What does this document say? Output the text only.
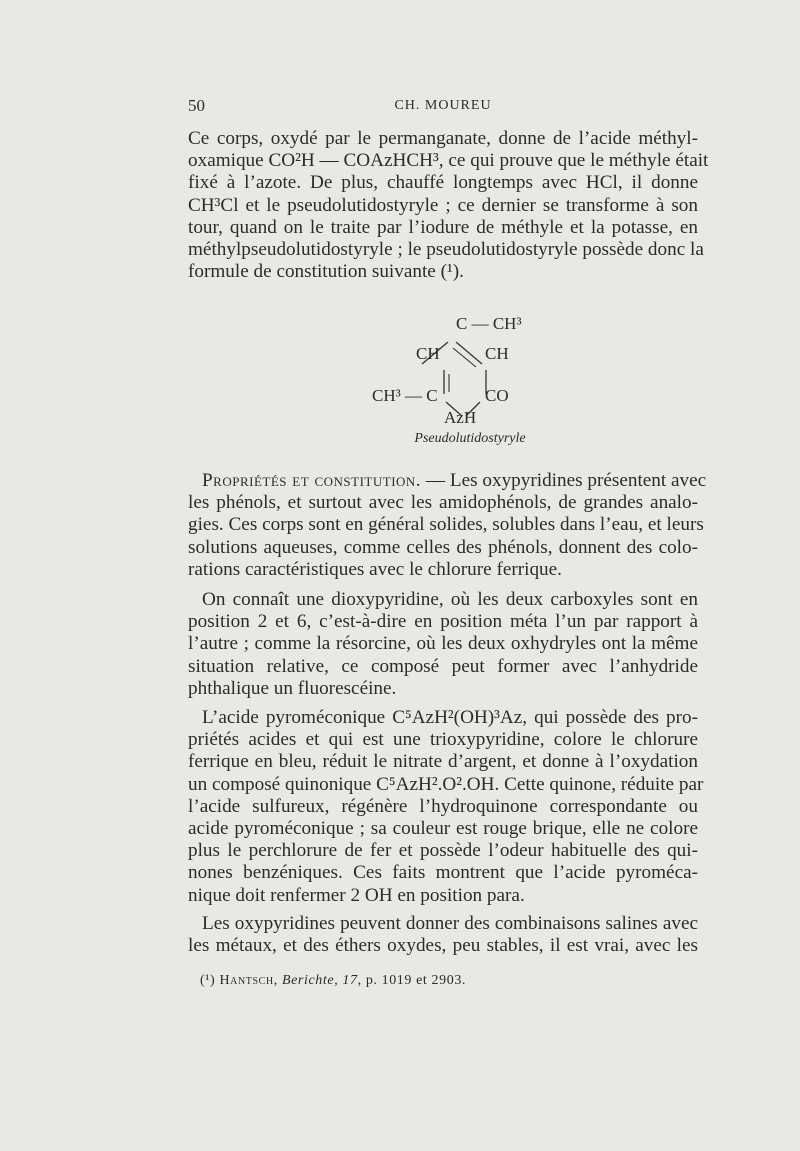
50	CH. MOUREU

Ce corps, oxydé par le permanganate, donne de l’acide méthyl-
oxamique CO²H — COAzHCH³, ce qui prouve que le méthyle était
fixé à l’azote. De plus, chauffé longtemps avec HCl, il donne
CH³Cl et le pseudolutidostyryle ; ce dernier se transforme à son
tour, quand on le traite par l’iodure de méthyle et la potasse, en
méthylpseudolutidostyryle ; le pseudolutidostyryle possède donc la
formule de constitution suivante (¹).

C — CH³
CH	CH
CH³ — C	CO
AzH
Pseudolutidostyryle

Propriétés et constitution. — Les oxypyridines présentent avec
les phénols, et surtout avec les amidophénols, de grandes analo-
gies. Ces corps sont en général solides, solubles dans l’eau, et leurs
solutions aqueuses, comme celles des phénols, donnent des colo-
rations caractéristiques avec le chlorure ferrique.

On connaît une dioxypyridine, où les deux carboxyles sont en
position 2 et 6, c’est-à-dire en position méta l’un par rapport à
l’autre ; comme la résorcine, où les deux oxhydryles ont la même
situation relative, ce composé peut former avec l’anhydride
phthalique un fluorescéine.

L’acide pyroméconique C⁵AzH²(OH)³Az, qui possède des pro-
priétés acides et qui est une trioxypyridine, colore le chlorure
ferrique en bleu, réduit le nitrate d’argent, et donne à l’oxydation
un composé quinonique C⁵AzH².O².OH. Cette quinone, réduite par
l’acide sulfureux, régénère l’hydroquinone correspondante ou
acide pyroméconique ; sa couleur est rouge brique, elle ne colore
plus le perchlorure de fer et possède l’odeur habituelle des qui-
nones benzéniques. Ces faits montrent que l’acide pyroméca-
nique doit renfermer 2 OH en position para.

Les oxypyridines peuvent donner des combinaisons salines avec
les métaux, et des éthers oxydes, peu stables, il est vrai, avec les

(¹) Hantsch, Berichte, 17, p. 1019 et 2903.
